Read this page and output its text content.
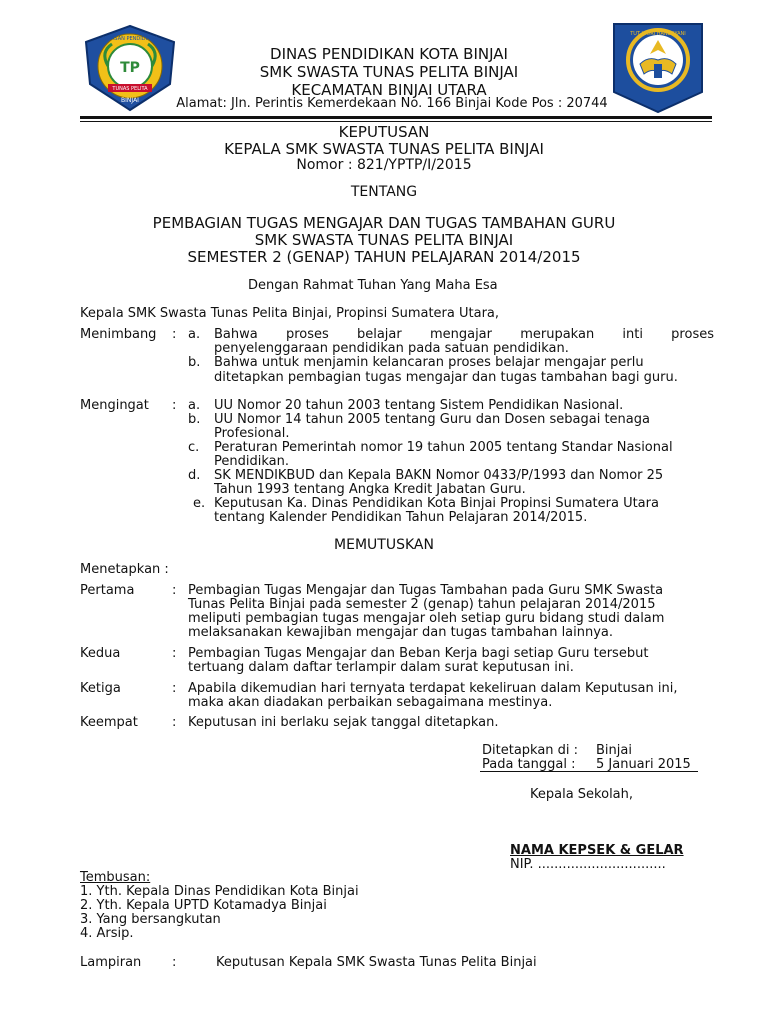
TP
YAYASAN PENDIDIKAN
TUNAS PELITA
BINJAI
TUT WURI HANDAYANI
DINAS PENDIDIKAN KOTA BINJAI
SMK SWASTA TUNAS PELITA BINJAI
KECAMATAN BINJAI UTARA
Alamat: Jln. Perintis Kemerdekaan No. 166 Binjai Kode Pos : 20744
KEPUTUSAN
KEPALA SMK SWASTA TUNAS PELITA BINJAI
Nomor : 821/YPTP/I/2015
TENTANG
PEMBAGIAN TUGAS MENGAJAR DAN TUGAS TAMBAHAN GURU
SMK SWASTA TUNAS PELITA BINJAI
SEMESTER 2 (GENAP) TAHUN PELAJARAN 2014/2015
Dengan Rahmat Tuhan Yang Maha Esa
Kepala SMK Swasta Tunas Pelita Binjai, Propinsi Sumatera Utara,
Menimbang : a. Bahwa proses belajar mengajar merupakan inti proses
penyelenggaraan pendidikan pada satuan pendidikan.
b. Bahwa untuk menjamin kelancaran proses belajar mengajar perlu
ditetapkan pembagian tugas mengajar dan tugas tambahan bagi guru.
Mengingat : a. UU Nomor 20 tahun 2003 tentang Sistem Pendidikan Nasional.
b. UU Nomor 14 tahun 2005 tentang Guru dan Dosen sebagai tenaga
Profesional.
c. Peraturan Pemerintah nomor 19 tahun 2005 tentang Standar Nasional
Pendidikan.
d. SK MENDIKBUD dan Kepala BAKN Nomor 0433/P/1993 dan Nomor 25
Tahun 1993 tentang Angka Kredit Jabatan Guru.
e. Keputusan Ka. Dinas Pendidikan Kota Binjai Propinsi Sumatera Utara
tentang Kalender Pendidikan Tahun Pelajaran 2014/2015.
MEMUTUSKAN
Menetapkan :
Pertama	: Pembagian Tugas Mengajar dan Tugas Tambahan pada Guru SMK Swasta
Tunas Pelita Binjai pada semester 2 (genap) tahun pelajaran 2014/2015
meliputi pembagian tugas mengajar oleh setiap guru bidang studi dalam
melaksanakan kewajiban mengajar dan tugas tambahan lainnya.
Kedua	: Pembagian Tugas Mengajar dan Beban Kerja bagi setiap Guru tersebut
tertuang dalam daftar terlampir dalam surat keputusan ini.
Ketiga	: Apabila dikemudian hari ternyata terdapat kekeliruan dalam Keputusan ini,
maka akan diadakan perbaikan sebagaimana mestinya.
Keempat	: Keputusan ini berlaku sejak tanggal ditetapkan.
Ditetapkan di : Binjai
Pada tanggal : 5 Januari 2015
Kepala Sekolah,
NAMA KEPSEK & GELAR
NIP. ...............................
Tembusan:
1. Yth. Kepala Dinas Pendidikan Kota Binjai
2. Yth. Kepala UPTD Kotamadya Binjai
3. Yang bersangkutan
4. Arsip.
Lampiran :	Keputusan Kepala SMK Swasta Tunas Pelita Binjai
